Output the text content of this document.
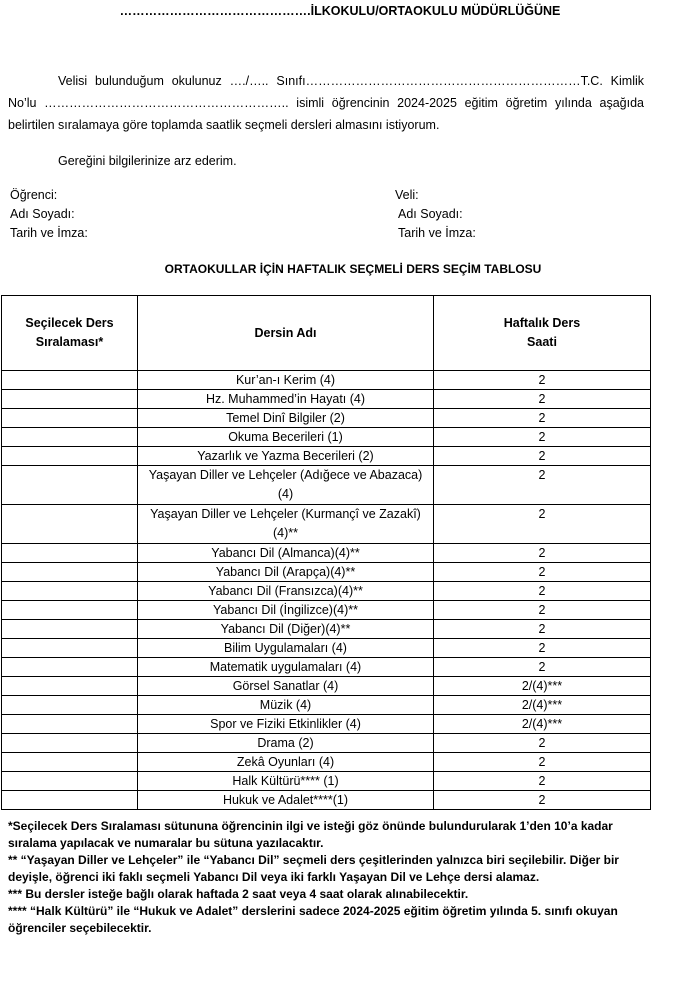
……………………………………….İLKOKULU/ORTAOKULU MÜDÜRLÜĞÜNE
Velisi bulunduğum okulunuz …./….. Sınıfı…………………………………………………………T.C. Kimlik No’lu ………………………………………………….. isimli öğrencinin 2024-2025 eğitim öğretim yılında aşağıda belirtilen sıralamaya göre toplamda saatlik seçmeli dersleri almasını istiyorum.
Gereğini bilgilerinize arz ederim.
Öğrenci:
Adı Soyadı:
Tarih ve İmza:
Veli:
Adı Soyadı:
Tarih ve İmza:
ORTAOKULLAR İÇİN HAFTALIK SEÇMELİ DERS SEÇİM TABLOSU
Seçilecek Ders Sıralaması*	Dersin Adı	Haftalık Ders Saati

	Kur’an-ı Kerim (4)	2
	Hz. Muhammed’in Hayatı (4)	2
	Temel Dinî Bilgiler (2)	2
	Okuma Becerileri (1)	2
	Yazarlık ve Yazma Becerileri (2)	2
	Yaşayan Diller ve Lehçeler (Adığece ve Abazaca)(4)	2
	Yaşayan Diller ve Lehçeler (Kurmançî ve Zazakî) (4)**	2
	Yabancı Dil (Almanca)(4)**	2
	Yabancı Dil (Arapça)(4)**	2
	Yabancı Dil (Fransızca)(4)**	2
	Yabancı Dil (İngilizce)(4)**	2
	Yabancı Dil (Diğer)(4)**	2
	Bilim Uygulamaları (4)	2
	Matematik uygulamaları (4)	2
	Görsel Sanatlar (4)	2/(4)***
	Müzik (4)	2/(4)***
	Spor ve Fiziki Etkinlikler (4)	2/(4)***
	Drama (2)	2
	Zekâ Oyunları (4)	2
	Halk Kültürü**** (1)	2
	Hukuk ve Adalet****(1)	2
*Seçilecek Ders Sıralaması sütununa öğrencinin ilgi ve isteği göz önünde bulundurularak 1’den 10’a kadar sıralama yapılacak ve numaralar bu sütuna yazılacaktır.
** “Yaşayan Diller ve Lehçeler” ile “Yabancı Dil” seçmeli ders çeşitlerinden yalnızca biri seçilebilir. Diğer bir deyişle, öğrenci iki faklı seçmeli Yabancı Dil veya iki farklı Yaşayan Dil ve Lehçe dersi alamaz.
*** Bu dersler isteğe bağlı olarak haftada 2 saat veya 4 saat olarak alınabilecektir.
**** “Halk Kültürü” ile “Hukuk ve Adalet” derslerini sadece 2024-2025 eğitim öğretim yılında 5. sınıfı okuyan öğrenciler seçebilecektir.
